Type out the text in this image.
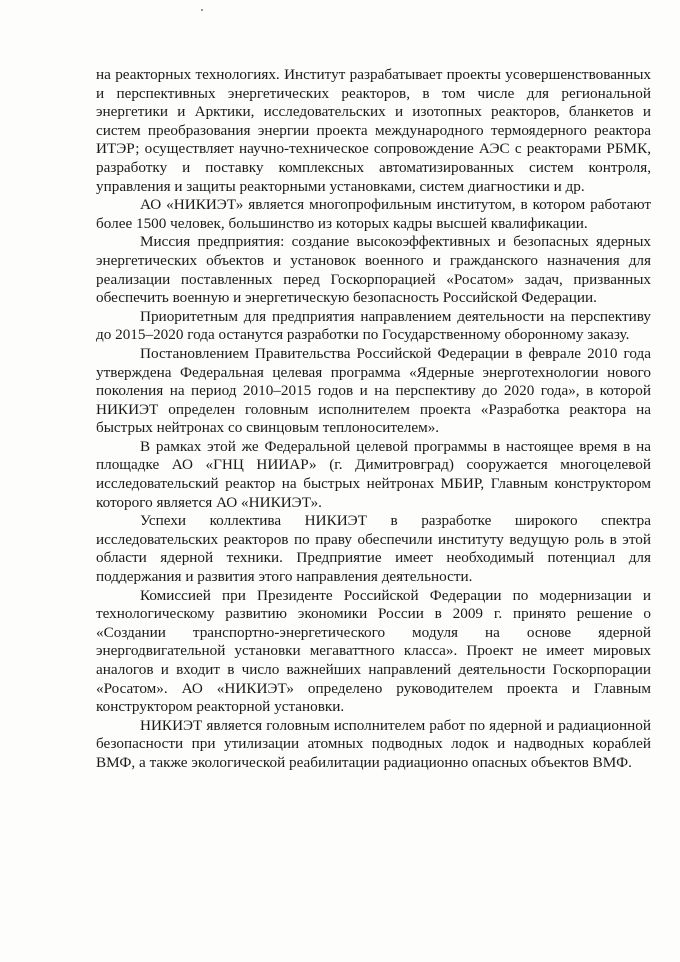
на реакторных технологиях. Институт разрабатывает проекты усовершенствованных и перспективных энергетических реакторов, в том числе для региональной энергетики и Арктики, исследовательских и изотопных реакторов, бланкетов и систем преобразования энергии проекта международного термоядерного реактора ИТЭР; осуществляет научно-техническое сопровождение АЭС с реакторами РБМК, разработку и поставку комплексных автоматизированных систем контроля, управления и защиты реакторными установками, систем диагностики и др.

АО «НИКИЭТ» является многопрофильным институтом, в котором работают более 1500 человек, большинство из которых кадры высшей квалификации.

Миссия предприятия: создание высокоэффективных и безопасных ядерных энергетических объектов и установок военного и гражданского назначения для реализации поставленных перед Госкорпорацией «Росатом» задач, призванных обеспечить военную и энергетическую безопасность Российской Федерации.

Приоритетным для предприятия направлением деятельности на перспективу до 2015–2020 года останутся разработки по Государственному оборонному заказу.

Постановлением Правительства Российской Федерации в феврале 2010 года утверждена Федеральная целевая программа «Ядерные энерготехнологии нового поколения на период 2010–2015 годов и на перспективу до 2020 года», в которой НИКИЭТ определен головным исполнителем проекта «Разработка реактора на быстрых нейтронах со свинцовым теплоносителем».

В рамках этой же Федеральной целевой программы в настоящее время в на площадке АО «ГНЦ НИИАР» (г. Димитровград) сооружается многоцелевой исследовательский реактор на быстрых нейтронах МБИР, Главным конструктором которого является АО «НИКИЭТ».

Успехи коллектива НИКИЭТ в разработке широкого спектра исследовательских реакторов по праву обеспечили институту ведущую роль в этой области ядерной техники. Предприятие имеет необходимый потенциал для поддержания и развития этого направления деятельности.

Комиссией при Президенте Российской Федерации по модернизации и технологическому развитию экономики России в 2009 г. принято решение о «Создании транспортно-энергетического модуля на основе ядерной энергодвигательной установки мегаваттного класса». Проект не имеет мировых аналогов и входит в число важнейших направлений деятельности Госкорпорации «Росатом». АО «НИКИЭТ» определено руководителем проекта и Главным конструктором реакторной установки.

НИКИЭТ является головным исполнителем работ по ядерной и радиационной безопасности при утилизации атомных подводных лодок и надводных кораблей ВМФ, а также экологической реабилитации радиационно опасных объектов ВМФ.
